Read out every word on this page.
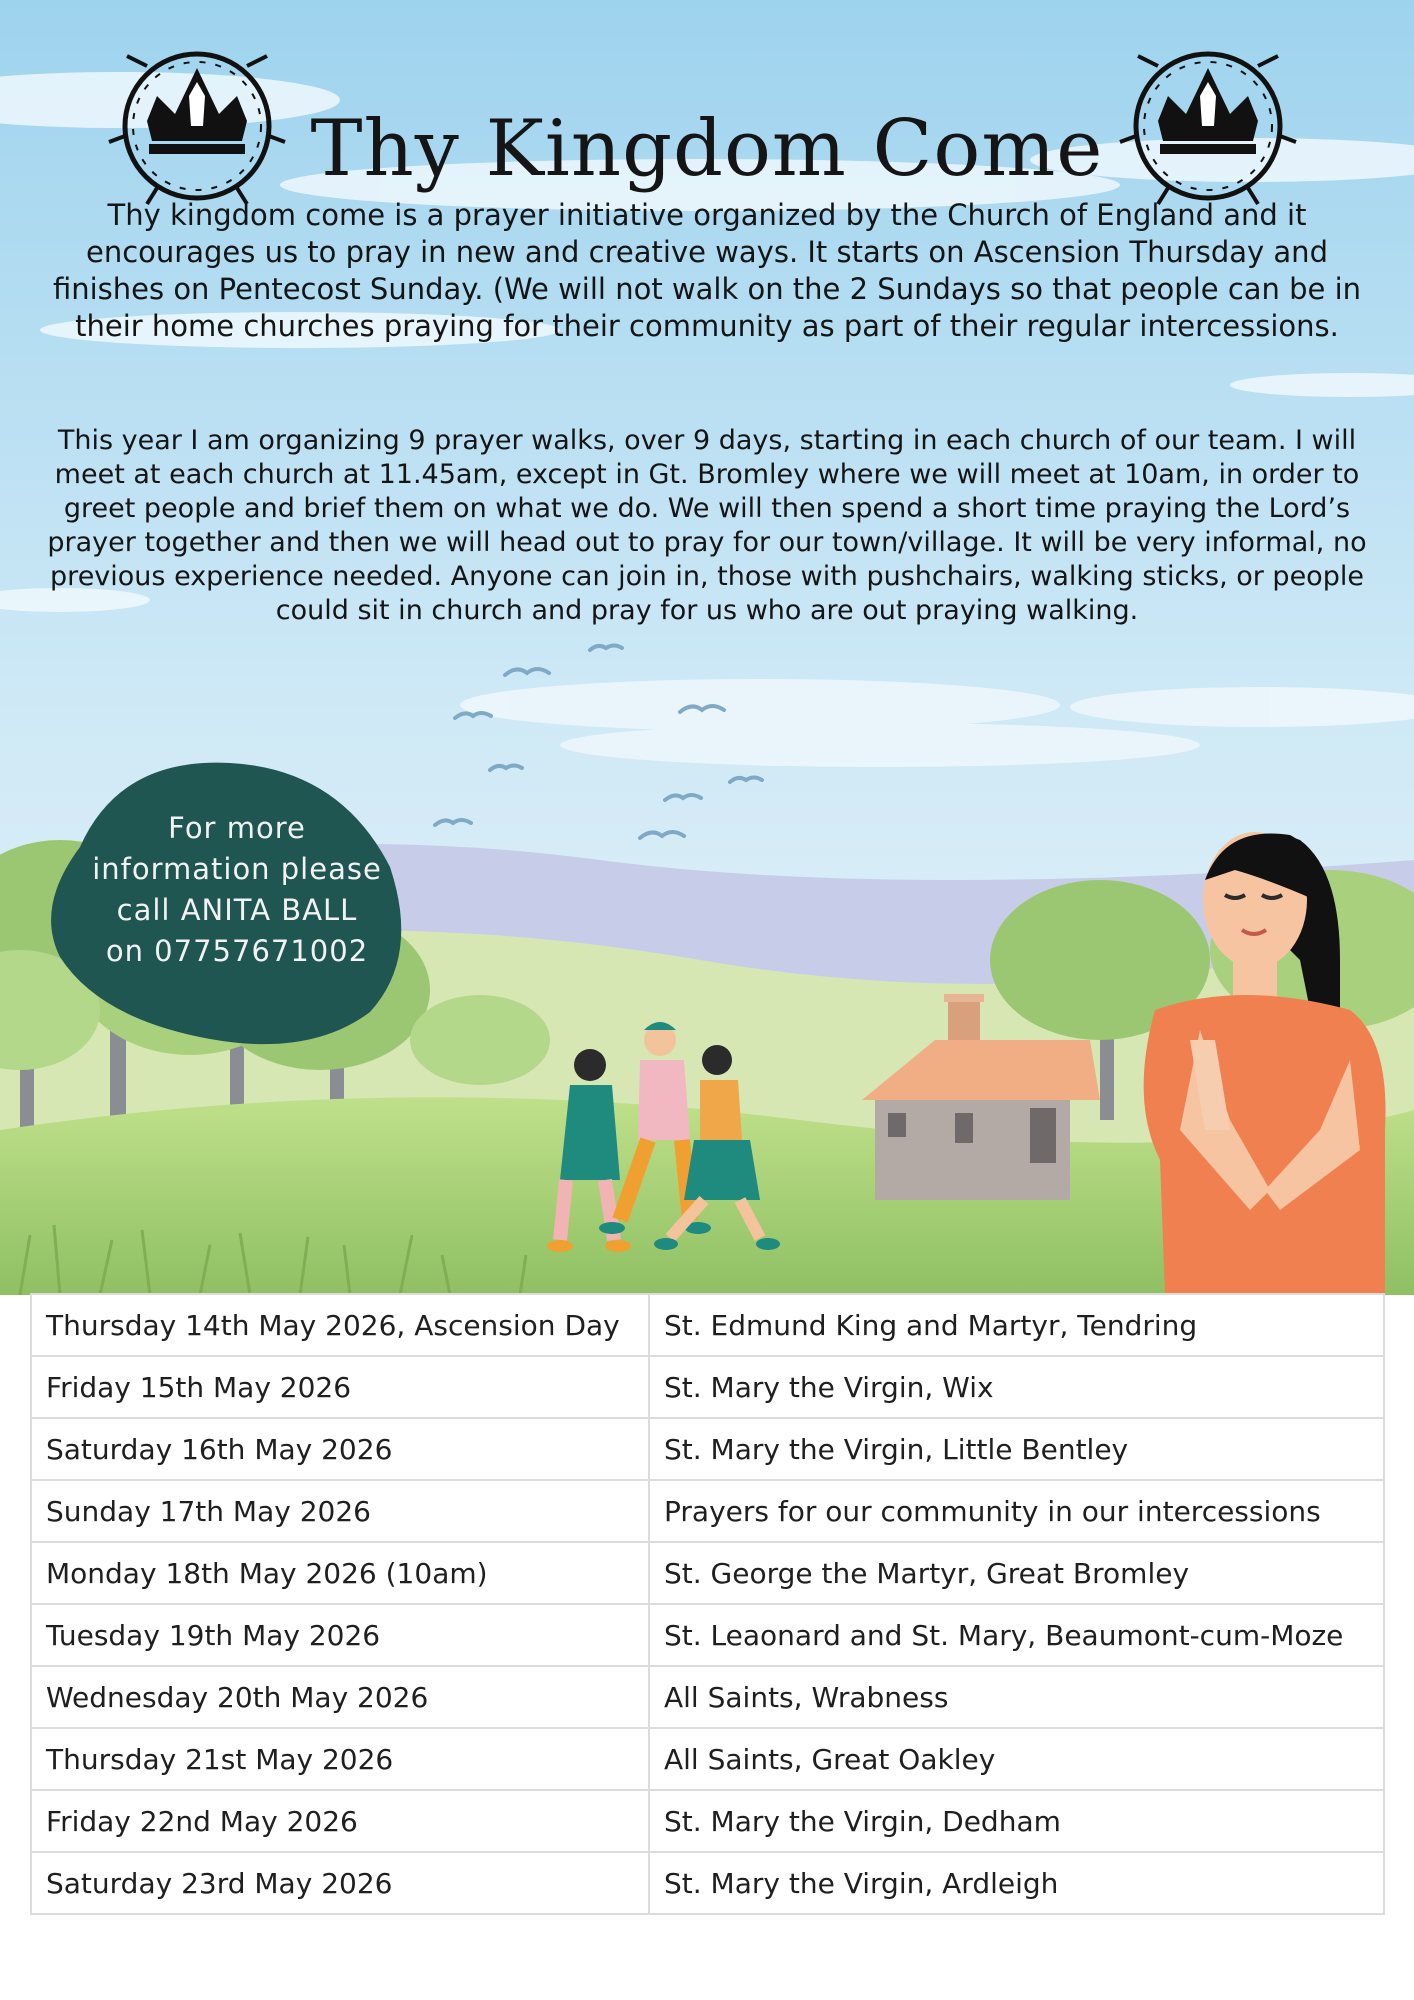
Thy Kingdom Come

Thy kingdom come is a prayer initiative organized by the Church of England and it encourages us to pray in new and creative ways. It starts on Ascension Thursday and finishes on Pentecost Sunday. (We will not walk on the 2 Sundays so that people can be in their home churches praying for their community as part of their regular intercessions.

This year I am organizing 9 prayer walks, over 9 days, starting in each church of our team. I will meet at each church at 11.45am, except in Gt. Bromley where we will meet at 10am, in order to greet people and brief them on what we do. We will then spend a short time praying the Lord’s prayer together and then we will head out to pray for our town/village. It will be very informal, no previous experience needed. Anyone can join in, those with pushchairs, walking sticks, or people could sit in church and pray for us who are out praying walking.

For more
information please
call ANITA BALL
on 07757671002

Thursday 14th May 2026, Ascension Day	St. Edmund King and Martyr, Tendring
Friday 15th May 2026	St. Mary the Virgin, Wix
Saturday 16th May 2026	St. Mary the Virgin, Little Bentley
Sunday 17th May 2026	Prayers for our community in our intercessions
Monday 18th May 2026 (10am)	St. George the Martyr, Great Bromley
Tuesday 19th May 2026	St. Leaonard and St. Mary, Beaumont-cum-Moze
Wednesday 20th May 2026	All Saints, Wrabness
Thursday 21st May 2026	All Saints, Great Oakley
Friday 22nd May 2026	St. Mary the Virgin, Dedham
Saturday 23rd May 2026	St. Mary the Virgin, Ardleigh
